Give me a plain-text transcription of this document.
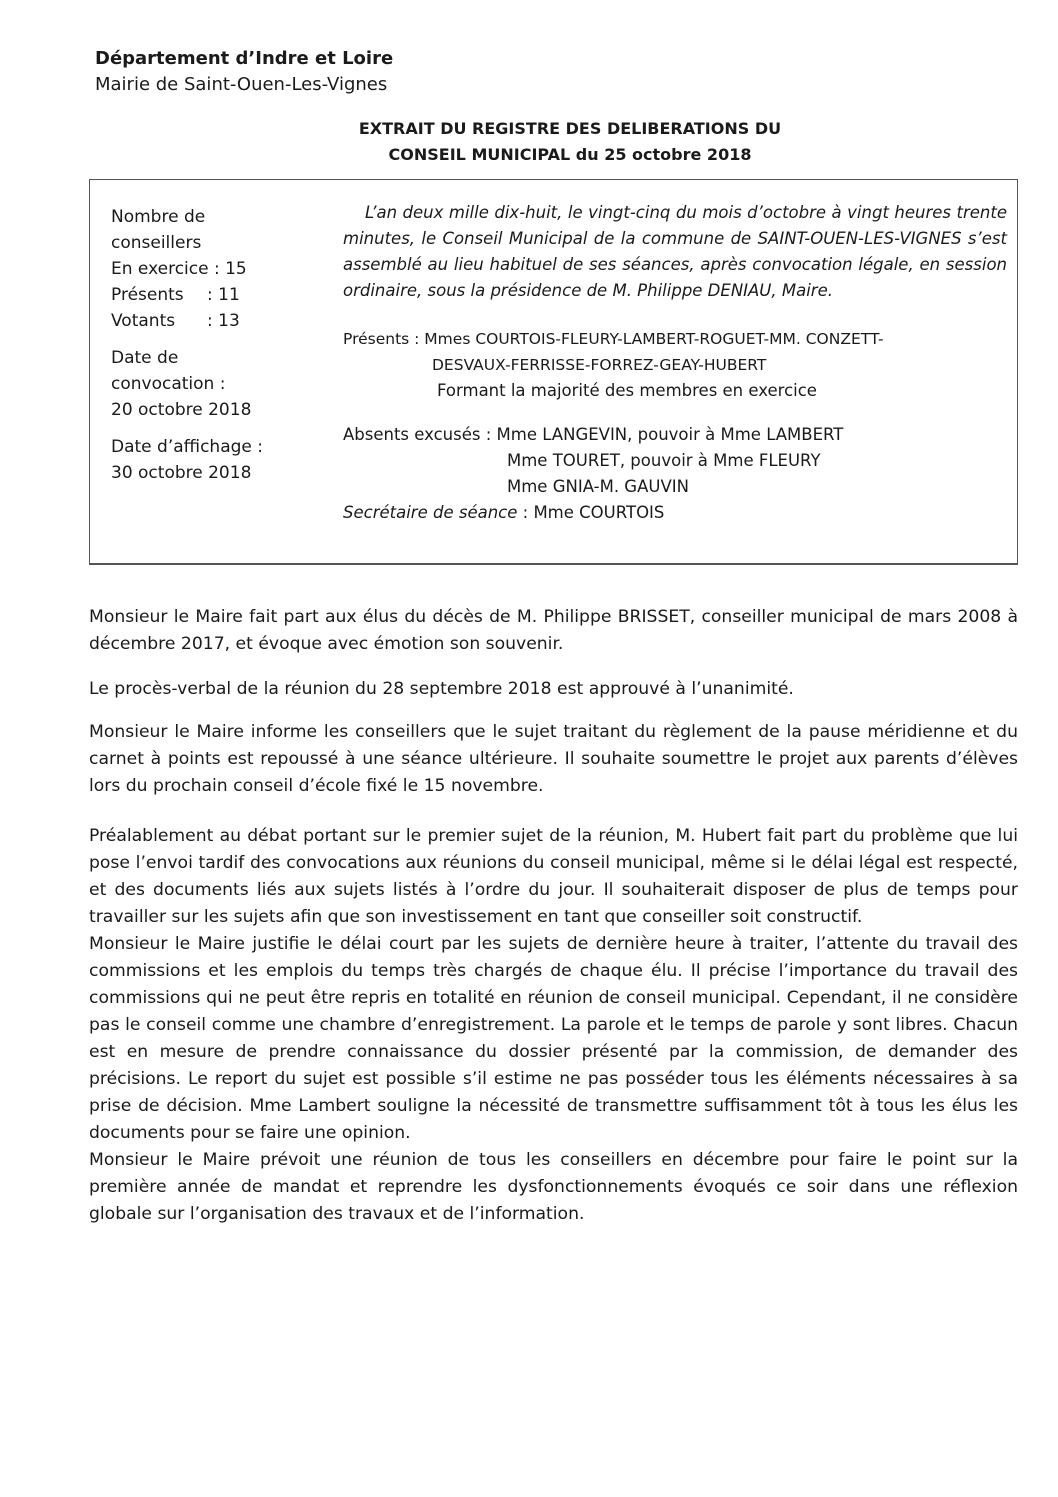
Département d’Indre et Loire
Mairie de Saint-Ouen-Les-Vignes
EXTRAIT DU REGISTRE DES DELIBERATIONS DU
CONSEIL MUNICIPAL du 25 octobre 2018
Nombre de
conseillers
En exercice : 15
Présents : 11
Votants : 13
Date de
convocation :
20 octobre 2018
Date d’affichage :
30 octobre 2018

L’an deux mille dix-huit, le vingt-cinq du mois d’octobre à vingt heures trente minutes, le Conseil Municipal de la commune de SAINT-OUEN-LES-VIGNES s’est assemblé au lieu habituel de ses séances, après convocation légale, en session ordinaire, sous la présidence de M. Philippe DENIAU, Maire.

Présents : Mmes COURTOIS-FLEURY-LAMBERT-ROGUET-MM. CONZETT-
DESVAUX-FERRISSE-FORREZ-GEAY-HUBERT
Formant la majorité des membres en exercice
Absents excusés : Mme LANGEVIN, pouvoir à Mme LAMBERT
Mme TOURET, pouvoir à Mme FLEURY
Mme GNIA-M. GAUVIN
Secrétaire de séance : Mme COURTOIS

Monsieur le Maire fait part aux élus du décès de M. Philippe BRISSET, conseiller municipal de mars 2008 à décembre 2017, et évoque avec émotion son souvenir.

Le procès-verbal de la réunion du 28 septembre 2018 est approuvé à l’unanimité.

Monsieur le Maire informe les conseillers que le sujet traitant du règlement de la pause méridienne et du carnet à points est repoussé à une séance ultérieure. Il souhaite soumettre le projet aux parents d’élèves lors du prochain conseil d’école fixé le 15 novembre.

Préalablement au débat portant sur le premier sujet de la réunion, M. Hubert fait part du problème que lui pose l’envoi tardif des convocations aux réunions du conseil municipal, même si le délai légal est respecté, et des documents liés aux sujets listés à l’ordre du jour. Il souhaiterait disposer de plus de temps pour travailler sur les sujets afin que son investissement en tant que conseiller soit constructif.

Monsieur le Maire justifie le délai court par les sujets de dernière heure à traiter, l’attente du travail des commissions et les emplois du temps très chargés de chaque élu. Il précise l’importance du travail des commissions qui ne peut être repris en totalité en réunion de conseil municipal. Cependant, il ne considère pas le conseil comme une chambre d’enregistrement. La parole et le temps de parole y sont libres. Chacun est en mesure de prendre connaissance du dossier présenté par la commission, de demander des précisions. Le report du sujet est possible s’il estime ne pas posséder tous les éléments nécessaires à sa prise de décision. Mme Lambert souligne la nécessité de transmettre suffisamment tôt à tous les élus les documents pour se faire une opinion.

Monsieur le Maire prévoit une réunion de tous les conseillers en décembre pour faire le point sur la première année de mandat et reprendre les dysfonctionnements évoqués ce soir dans une réflexion globale sur l’organisation des travaux et de l’information.
